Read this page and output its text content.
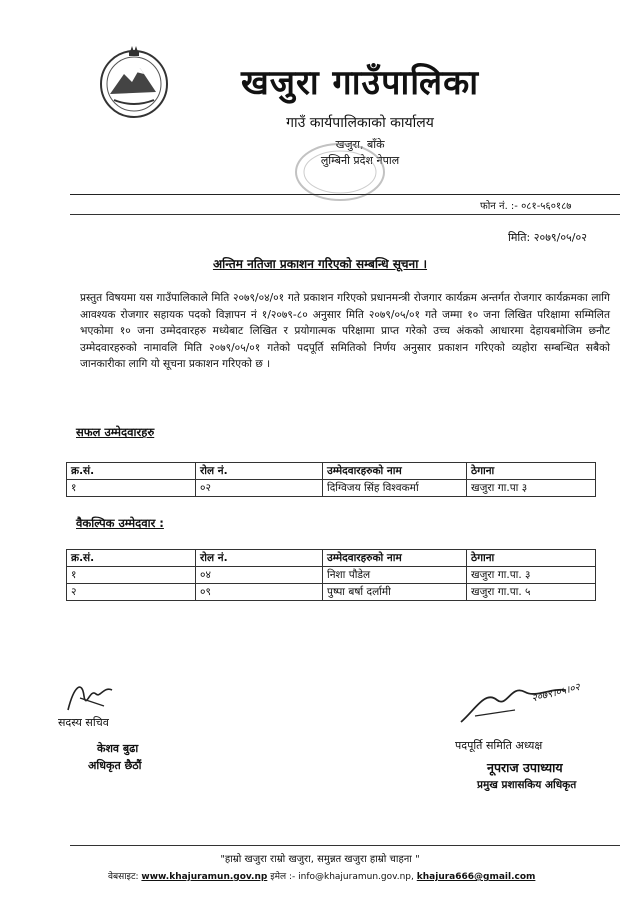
खजुरा गाउँपालिका
गाउँ कार्यपालिकाको कार्यालय
खजुरा, बाँके
लुम्बिनी प्रदेश नेपाल
फोन नं. :- ०८१-५६०१८७
मिति: २०७९/०५/०२
अन्तिम नतिजा प्रकाशन गरिएको सम्बन्धि सूचना ।
प्रस्तुत विषयमा यस गाउँपालिकाले मिति २०७९/०४/०१ गते प्रकाशन गरिएको प्रधानमन्त्री रोजगार कार्यक्रम अन्तर्गत रोजगार कार्यक्रमका लागि आवश्यक रोजगार सहायक पदको विज्ञापन नं १/२०७९-८० अनुसार मिति २०७९/०५/०१ गते जम्मा १० जना लिखित परिक्षामा सम्मिलित भएकोमा १० जना उम्मेदवारहरु मध्येबाट लिखित र प्रयोगात्मक परिक्षामा प्राप्त गरेको उच्च अंकको आधारमा देहायबमोजिम छनौट उम्मेदवारहरुको नामावलि मिति २०७९/०५/०१ गतेको पदपूर्ति समितिको निर्णय अनुसार प्रकाशन गरिएको व्यहोरा सम्बन्धित सबैको जानकारीका लागि यो सूचना प्रकाशन गरिएको छ ।
सफल उम्मेदवारहरु
क्र.सं.	रोल नं.	उम्मेदवारहरुको नाम	ठेगाना
१	०२	दिग्विजय सिंह विश्वकर्मा	खजुरा गा.पा ३
वैकल्पिक उम्मेदवार :
क्र.सं.	रोल नं.	उम्मेदवारहरुको नाम	ठेगाना
१	०४	निशा पौडेल	खजुरा गा.पा. ३
२	०९	पुष्पा बर्षा दर्लामी	खजुरा गा.पा. ५
सदस्य सचिव
केशव बुढा
अधिकृत छैठौं
२०७९।०५।०२
पदपूर्ति समिति अध्यक्ष
नूपराज उपाध्याय
प्रमुख प्रशासकिय अधिकृत
"हाम्रो खजुरा राम्रो खजुरा, समुन्नत खजुरा हाम्रो चाहना "
वेबसाइट: www.khajuramun.gov.np इमेल :- info@khajuramun.gov.np, khajura666@gmail.com
